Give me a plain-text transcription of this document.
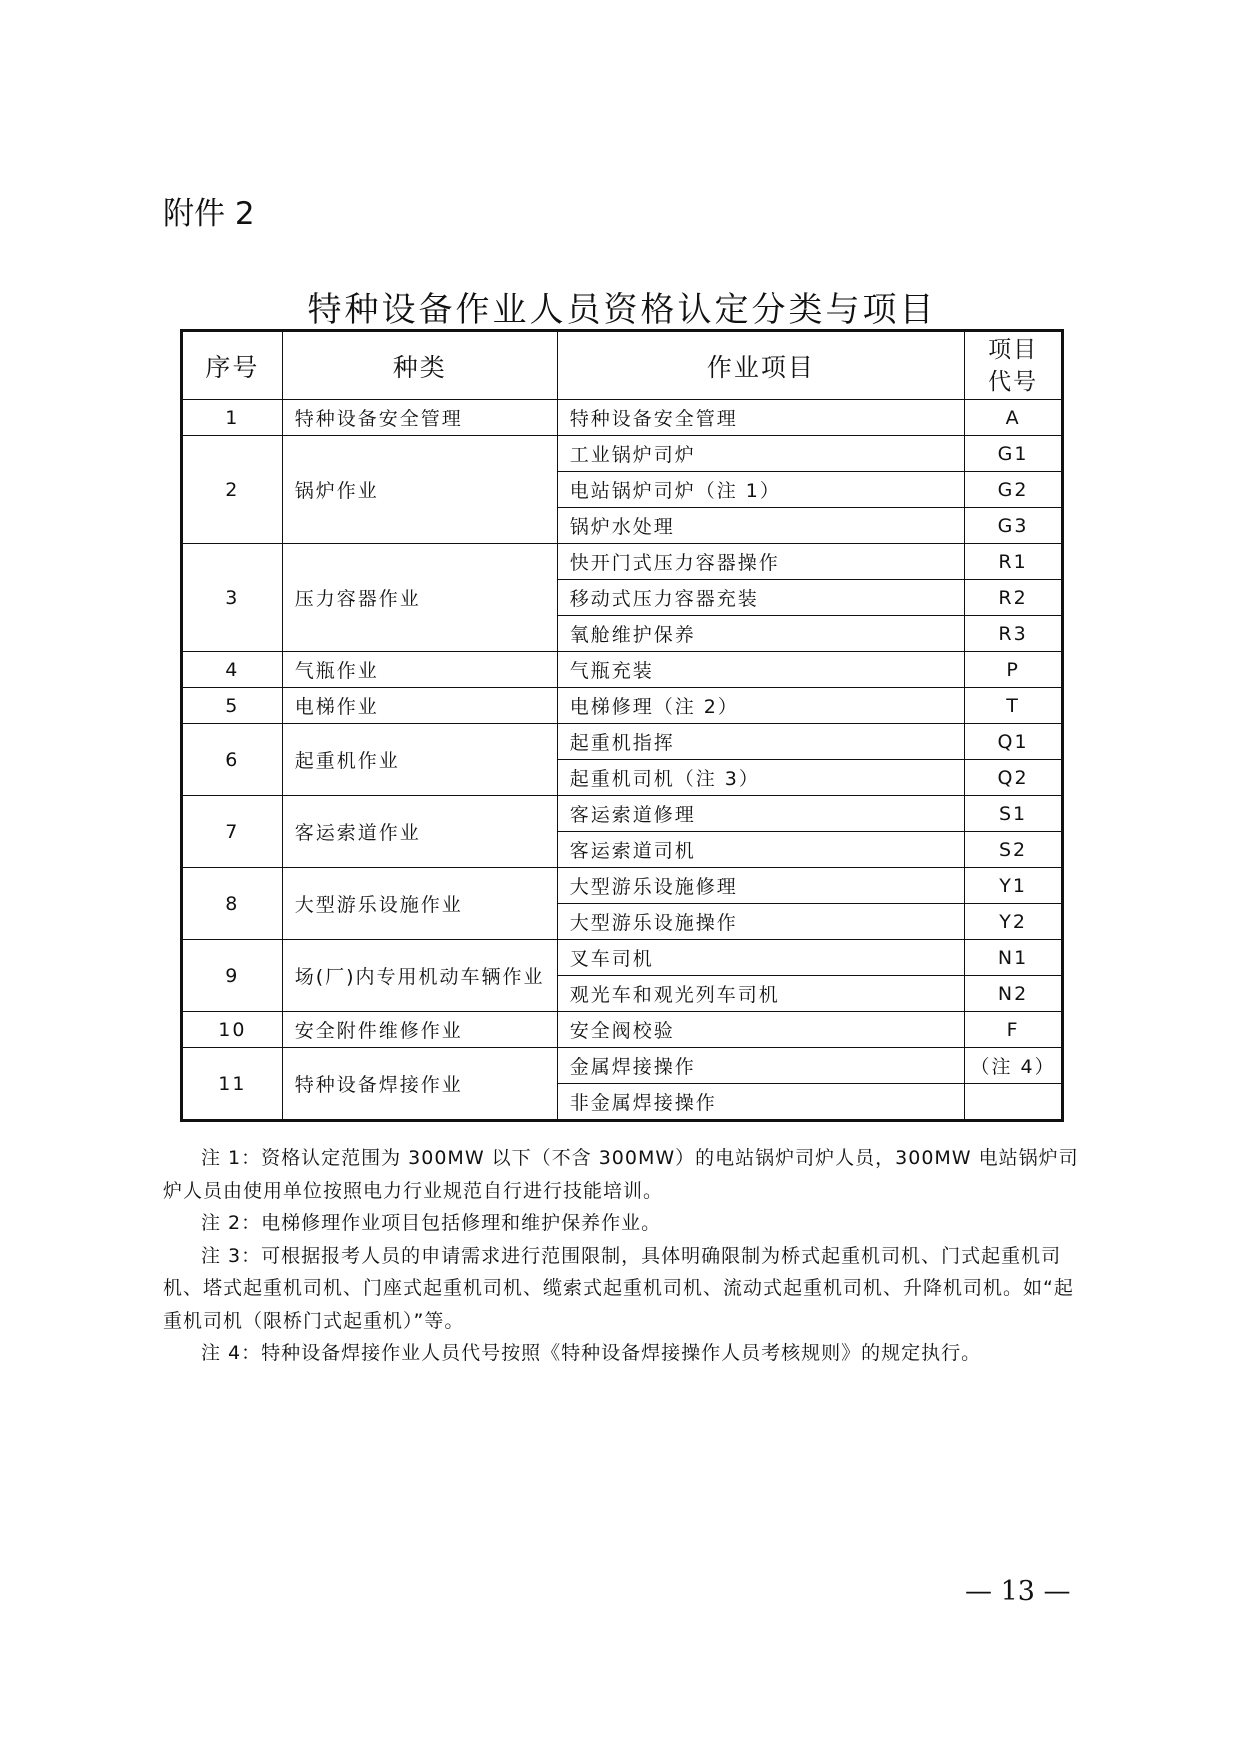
附件 2
特种设备作业人员资格认定分类与项目
序号	种类	作业项目	项目代号
1	特种设备安全管理	特种设备安全管理	A
2	锅炉作业	工业锅炉司炉	G1
		电站锅炉司炉（注 1）	G2
		锅炉水处理	G3
3	压力容器作业	快开门式压力容器操作	R1
		移动式压力容器充装	R2
		氧舱维护保养	R3
4	气瓶作业	气瓶充装	P
5	电梯作业	电梯修理（注 2）	T
6	起重机作业	起重机指挥	Q1
		起重机司机（注 3）	Q2
7	客运索道作业	客运索道修理	S1
		客运索道司机	S2
8	大型游乐设施作业	大型游乐设施修理	Y1
		大型游乐设施操作	Y2
9	场(厂)内专用机动车辆作业	叉车司机	N1
		观光车和观光列车司机	N2
10	安全附件维修作业	安全阀校验	F
11	特种设备焊接作业	金属焊接操作	（注 4）
		非金属焊接操作	

注 1：资格认定范围为 300MW 以下（不含 300MW）的电站锅炉司炉人员，300MW 电站锅炉司炉人员由使用单位按照电力行业规范自行进行技能培训。

注 2：电梯修理作业项目包括修理和维护保养作业。

注 3：可根据报考人员的申请需求进行范围限制，具体明确限制为桥式起重机司机、门式起重机司机、塔式起重机司机、门座式起重机司机、缆索式起重机司机、流动式起重机司机、升降机司机。如“起重机司机（限桥门式起重机）”等。

注 4：特种设备焊接作业人员代号按照《特种设备焊接操作人员考核规则》的规定执行。

— 13 —
